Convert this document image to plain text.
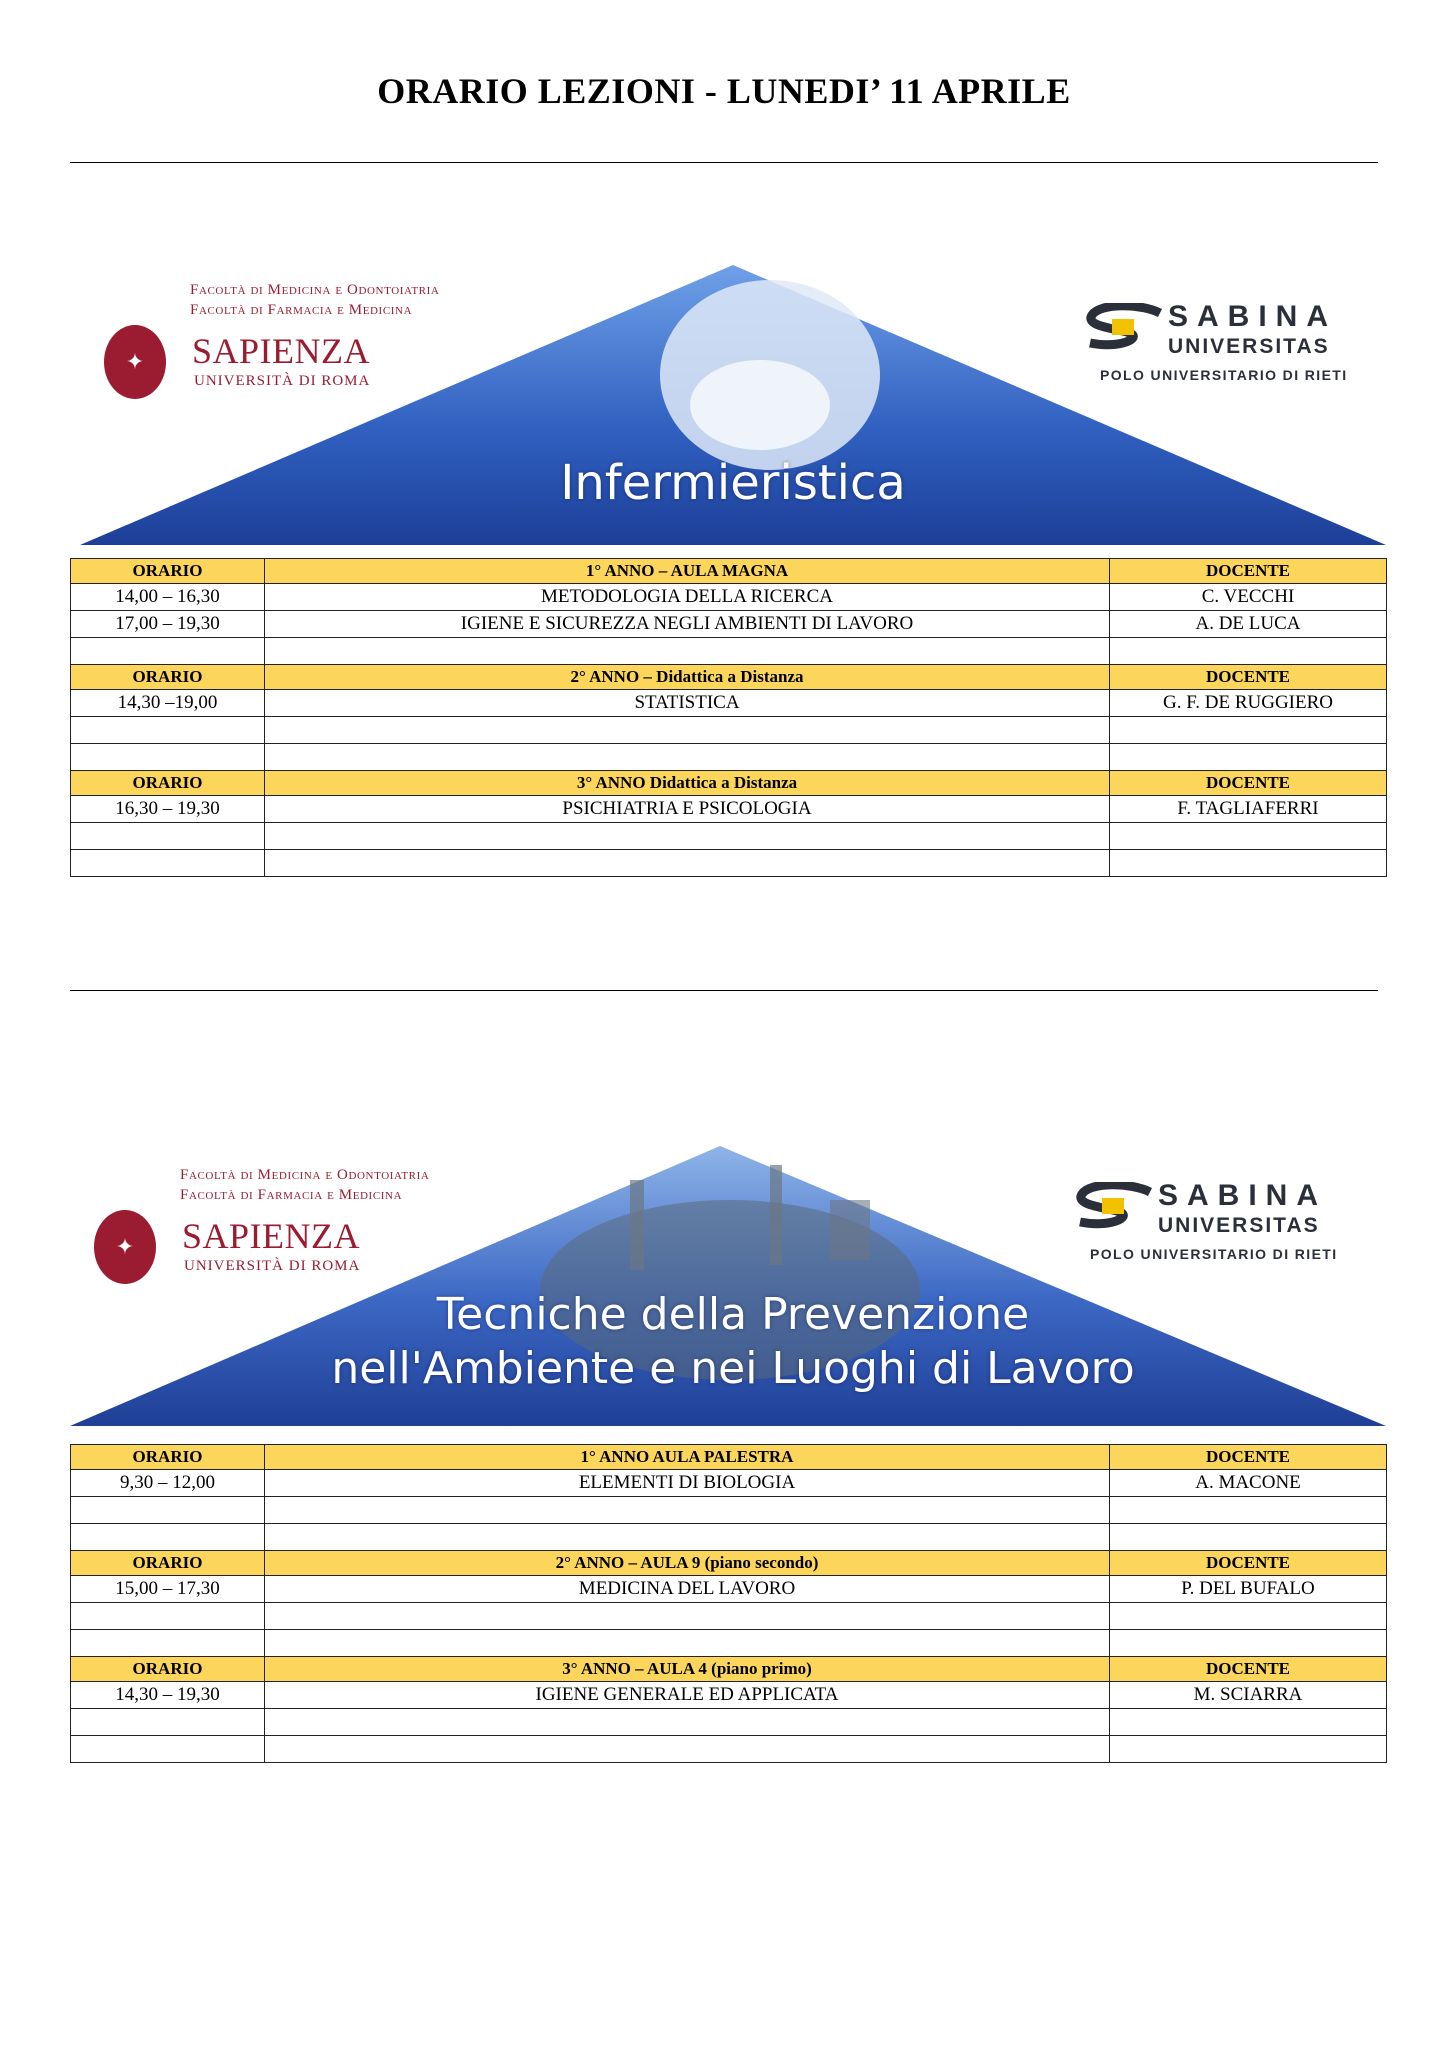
ORARIO LEZIONI - LUNEDI’ 11 APRILE
Facoltà di Medicina e Odontoiatria
Facoltà di Farmacia e Medicina
✦	SAPIENZA
UNIVERSITÀ DI ROMA
SABINA
UNIVERSITAS
POLO UNIVERSITARIO DI RIETI
Infermieristica
ORARIO	1° ANNO – AULA MAGNA	DOCENTE
14,00 – 16,30	METODOLOGIA DELLA RICERCA	C. VECCHI
17,00 – 19,30	IGIENE E SICUREZZA NEGLI AMBIENTI DI LAVORO	A. DE LUCA

ORARIO	2° ANNO – Didattica a Distanza	DOCENTE
14,30 –19,00	STATISTICA	G. F. DE RUGGIERO

ORARIO	3° ANNO Didattica a Distanza	DOCENTE
16,30 – 19,30	PSICHIATRIA E PSICOLOGIA	F. TAGLIAFERRI

Facoltà di Medicina e Odontoiatria
Facoltà di Farmacia e Medicina
✦	SAPIENZA
UNIVERSITÀ DI ROMA
SABINA
UNIVERSITAS
POLO UNIVERSITARIO DI RIETI
Tecniche della Prevenzione
nell'Ambiente e nei Luoghi di Lavoro
ORARIO	1° ANNO AULA PALESTRA	DOCENTE
9,30 – 12,00	ELEMENTI DI BIOLOGIA	A. MACONE

ORARIO	2° ANNO – AULA 9 (piano secondo)	DOCENTE
15,00 – 17,30	MEDICINA DEL LAVORO	P. DEL BUFALO

ORARIO	3° ANNO – AULA 4 (piano primo)	DOCENTE
14,30 – 19,30	IGIENE GENERALE ED APPLICATA	M. SCIARRA
